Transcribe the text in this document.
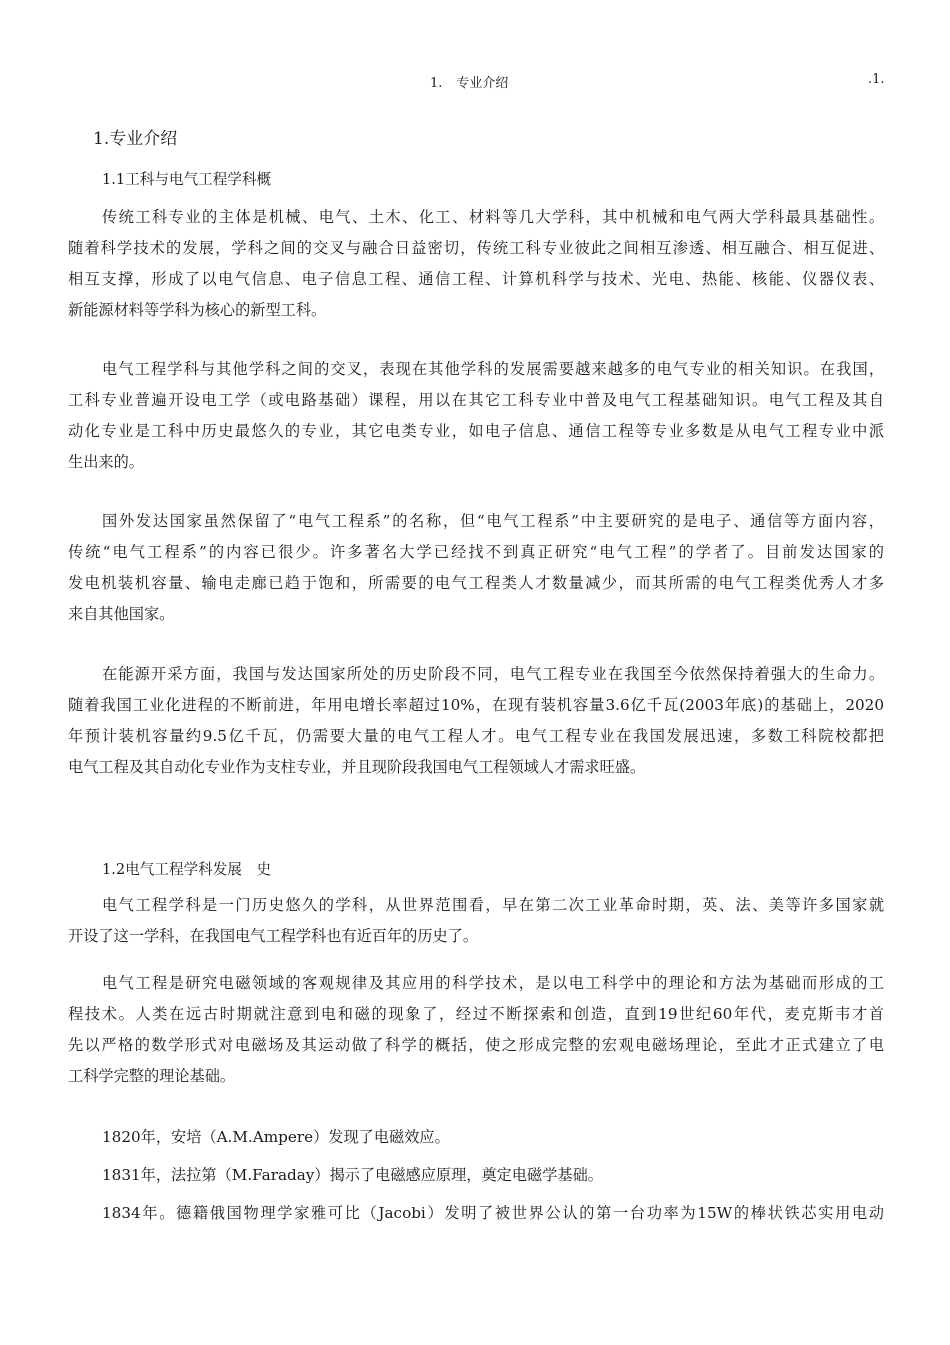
1. 专业介绍	.1.
1.专业介绍
1.1工科与电气工程学科概
传统工科专业的主体是机械、电气、土木、化工、材料等几大学科，其中机械和电气两大学科最具基础性。
随着科学技术的发展，学科之间的交叉与融合日益密切，传统工科专业彼此之间相互渗透、相互融合、相互促进、
相互支撑，形成了以电气信息、电子信息工程、通信工程、计算机科学与技术、光电、热能、核能、仪器仪表、
新能源材料等学科为核心的新型工科。
电气工程学科与其他学科之间的交叉，表现在其他学科的发展需要越来越多的电气专业的相关知识。在我国，
工科专业普遍开设电工学（或电路基础）课程，用以在其它工科专业中普及电气工程基础知识。电气工程及其自
动化专业是工科中历史最悠久的专业，其它电类专业，如电子信息、通信工程等专业多数是从电气工程专业中派
生出来的。
国外发达国家虽然保留了“电气工程系”的名称，但“电气工程系”中主要研究的是电子、通信等方面内容，
传统“电气工程系”的内容已很少。许多著名大学已经找不到真正研究“电气工程”的学者了。目前发达国家的
发电机装机容量、输电走廊已趋于饱和，所需要的电气工程类人才数量减少，而其所需的电气工程类优秀人才多
来自其他国家。
在能源开采方面，我国与发达国家所处的历史阶段不同，电气工程专业在我国至今依然保持着强大的生命力。
随着我国工业化进程的不断前进，年用电增长率超过10%，在现有装机容量3.6亿千瓦(2003年底)的基础上，2020
年预计装机容量约9.5亿千瓦，仍需要大量的电气工程人才。电气工程专业在我国发展迅速，多数工科院校都把
电气工程及其自动化专业作为支柱专业，并且现阶段我国电气工程领域人才需求旺盛。
1.2电气工程学科发展　史
电气工程学科是一门历史悠久的学科，从世界范围看，早在第二次工业革命时期，英、法、美等许多国家就
开设了这一学科，在我国电气工程学科也有近百年的历史了。
电气工程是研究电磁领域的客观规律及其应用的科学技术，是以电工科学中的理论和方法为基础而形成的工
程技术。人类在远古时期就注意到电和磁的现象了，经过不断探索和创造，直到19世纪60年代，麦克斯韦才首
先以严格的数学形式对电磁场及其运动做了科学的概括，使之形成完整的宏观电磁场理论，至此才正式建立了电
工科学完整的理论基础。
1820年，安培（A.M.Ampere）发现了电磁效应。
1831年，法拉第（M.Faraday）揭示了电磁感应原理，奠定电磁学基础。
1834年。德籍俄国物理学家雅可比（Jacobi）发明了被世界公认的第一台功率为15W的棒状铁芯实用电动
